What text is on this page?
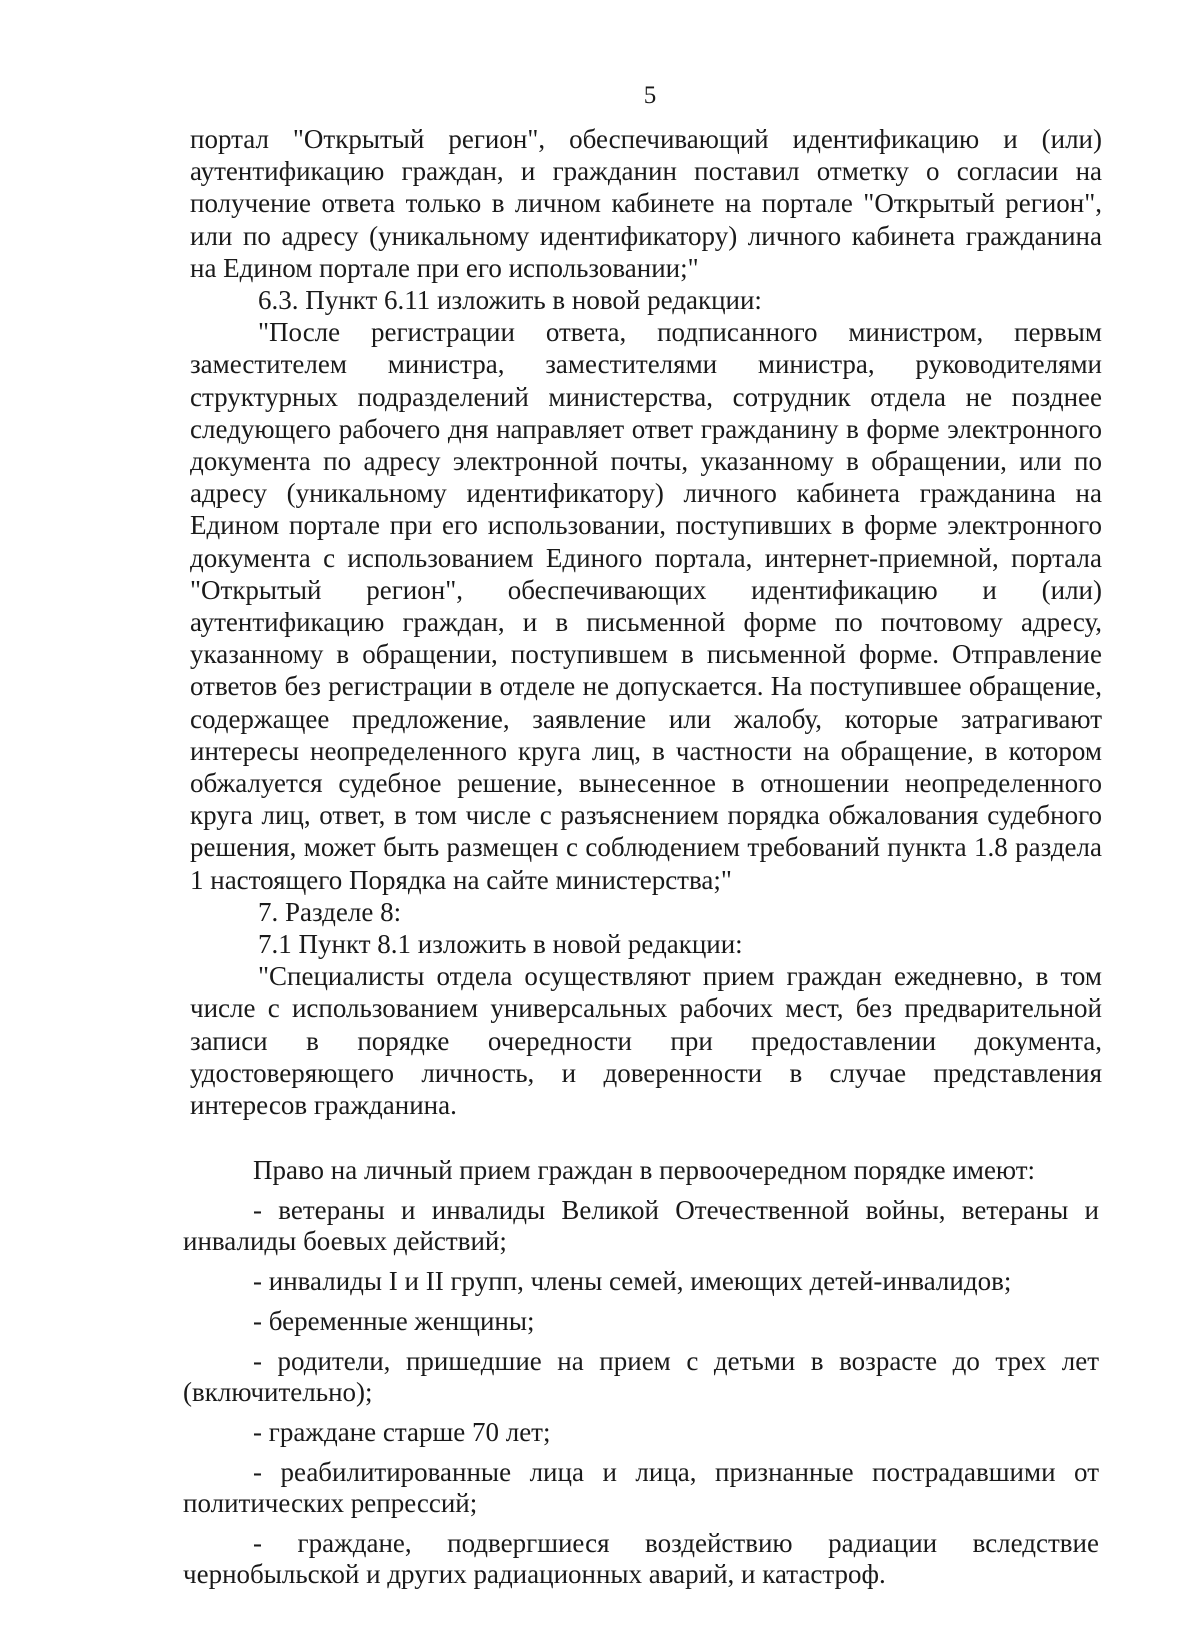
5

портал "Открытый регион", обеспечивающий идентификацию и (или) аутентификацию граждан, и гражданин поставил отметку о согласии на получение ответа только в личном кабинете на портале "Открытый регион", или по адресу (уникальному идентификатору) личного кабинета гражданина на Едином портале при его использовании;"

6.3. Пункт 6.11 изложить в новой редакции:

"После регистрации ответа, подписанного министром, первым заместителем министра, заместителями министра, руководителями структурных подразделений министерства, сотрудник отдела не позднее следующего рабочего дня направляет ответ гражданину в форме электронного документа по адресу электронной почты, указанному в обращении, или по адресу (уникальному идентификатору) личного кабинета гражданина на Едином портале при его использовании, поступивших в форме электронного документа с использованием Единого портала, интернет-приемной, портала "Открытый регион", обеспечивающих идентификацию и (или) аутентификацию граждан, и в письменной форме по почтовому адресу, указанному в обращении, поступившем в письменной форме. Отправление ответов без регистрации в отделе не допускается. На поступившее обращение, содержащее предложение, заявление или жалобу, которые затрагивают интересы неопределенного круга лиц, в частности на обращение, в котором обжалуется судебное решение, вынесенное в отношении неопределенного круга лиц, ответ, в том числе с разъяснением порядка обжалования судебного решения, может быть размещен с соблюдением требований пункта 1.8 раздела 1 настоящего Порядка на сайте министерства;"

7. Разделе 8:

7.1 Пункт 8.1 изложить в новой редакции:

"Специалисты отдела осуществляют прием граждан ежедневно, в том числе с использованием универсальных рабочих мест, без предварительной записи в порядке очередности при предоставлении документа, удостоверяющего личность, и доверенности в случае представления интересов гражданина.

Право на личный прием граждан в первоочередном порядке имеют:

- ветераны и инвалиды Великой Отечественной войны, ветераны и инвалиды боевых действий;

- инвалиды I и II групп, члены семей, имеющих детей-инвалидов;

- беременные женщины;

- родители, пришедшие на прием с детьми в возрасте до трех лет (включительно);

- граждане старше 70 лет;

- реабилитированные лица и лица, признанные пострадавшими от политических репрессий;

- граждане, подвергшиеся воздействию радиации вследствие чернобыльской и других радиационных аварий, и катастроф.
